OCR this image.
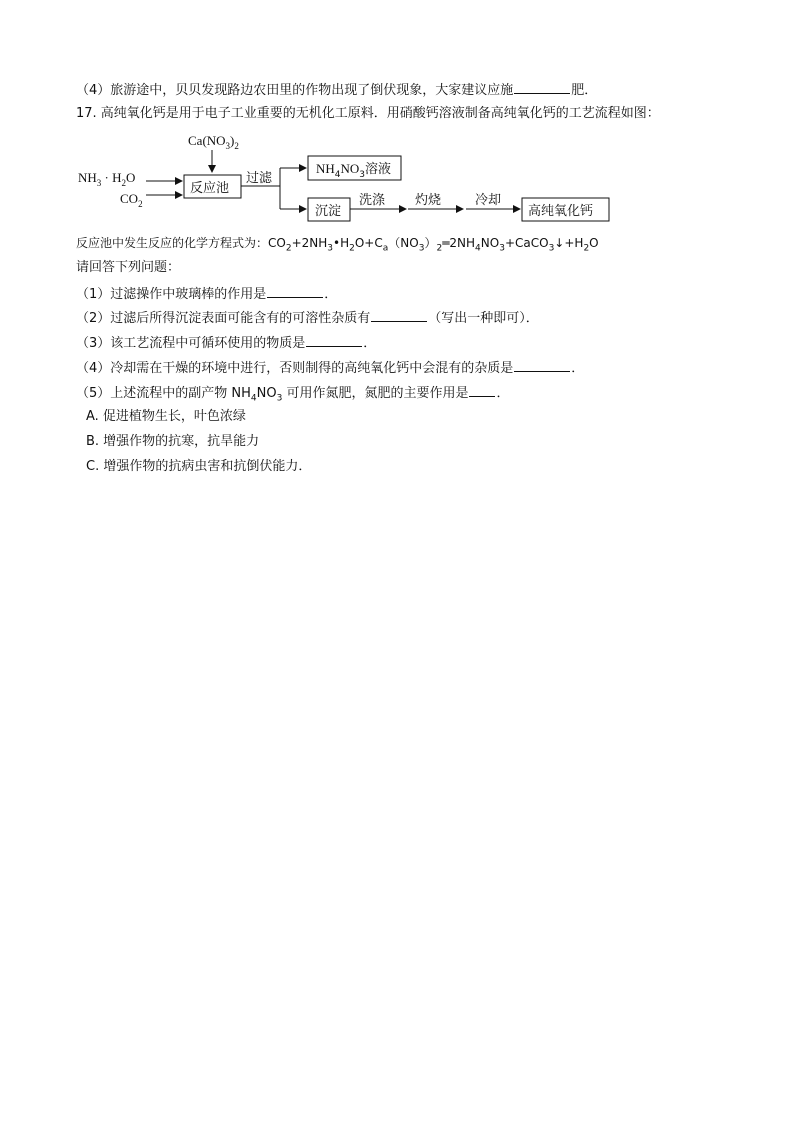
（4）旅游途中，贝贝发现路边农田里的作物出现了倒伏现象，大家建议应施	肥．
17. 高纯氧化钙是用于电子工业重要的无机化工原料．用硝酸钙溶液制备高纯氧化钙的工艺流程如图：
$Ca(NO_3)_2$
$NH_3 \cdot H_2O$
$CO_2$
反应池
过滤
$NH_4NO_3$溶液
沉淀
洗涤 灼烧	冷却
高纯氧化钙
反应池中发生反应的化学方程式为：$CO_2+2NH_3•H_2O+C_a(NO_3)_2═2NH_4NO_3+CaCO_3↓+H_2O$
请回答下列问题：
（1）过滤操作中玻璃棒的作用是	．
（2）过滤后所得沉淀表面可能含有的可溶性杂质有	（写出一种即可）．
（3）该工艺流程中可循环使用的物质是	．
（4）冷却需在干燥的环境中进行，否则制得的高纯氧化钙中会混有的杂质是	．
（5）上述流程中的副产物 $NH_4NO_3$ 可用作氮肥，氮肥的主要作用是 ．
A. 促进植物生长，叶色浓绿
B. 增强作物的抗寒，抗旱能力
C. 增强作物的抗病虫害和抗倒伏能力．
